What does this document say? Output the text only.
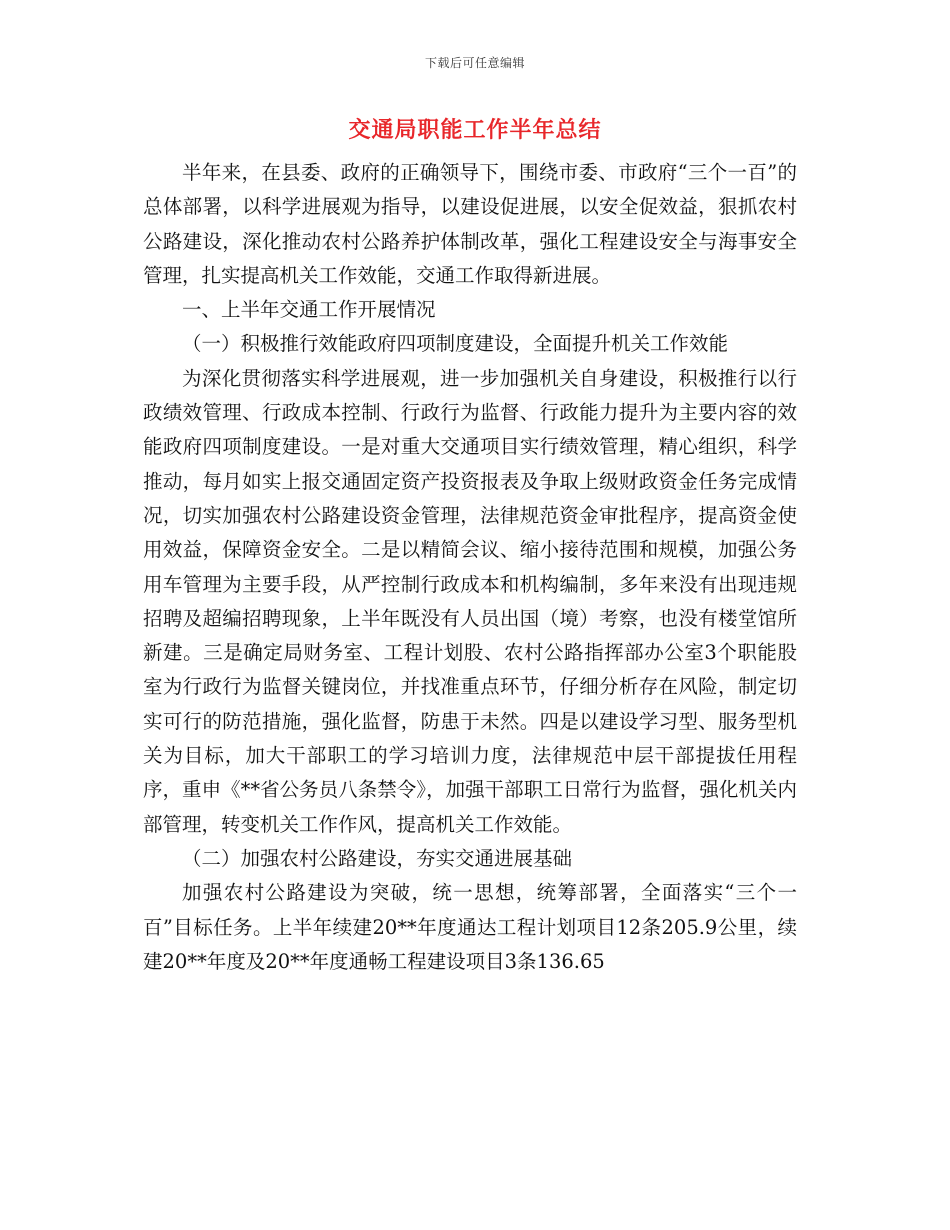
下载后可任意编辑
交通局职能工作半年总结

半年来，在县委、政府的正确领导下，围绕市委、市政府“三个一百”的总体部署，以科学进展观为指导，以建设促进展，以安全促效益，狠抓农村公路建设，深化推动农村公路养护体制改革，强化工程建设安全与海事安全管理，扎实提高机关工作效能，交通工作取得新进展。

一、上半年交通工作开展情况

（一）积极推行效能政府四项制度建设，全面提升机关工作效能

为深化贯彻落实科学进展观，进一步加强机关自身建设，积极推行以行政绩效管理、行政成本控制、行政行为监督、行政能力提升为主要内容的效能政府四项制度建设。一是对重大交通项目实行绩效管理，精心组织，科学推动，每月如实上报交通固定资产投资报表及争取上级财政资金任务完成情况，切实加强农村公路建设资金管理，法律规范资金审批程序，提高资金使用效益，保障资金安全。二是以精简会议、缩小接待范围和规模，加强公务用车管理为主要手段，从严控制行政成本和机构编制，多年来没有出现违规招聘及超编招聘现象，上半年既没有人员出国（境）考察，也没有楼堂馆所新建。三是确定局财务室、工程计划股、农村公路指挥部办公室3个职能股室为行政行为监督关键岗位，并找准重点环节，仔细分析存在风险，制定切实可行的防范措施，强化监督，防患于未然。四是以建设学习型、服务型机关为目标，加大干部职工的学习培训力度，法律规范中层干部提拔任用程序，重申《**省公务员八条禁令》，加强干部职工日常行为监督，强化机关内部管理，转变机关工作作风，提高机关工作效能。

（二）加强农村公路建设，夯实交通进展基础

加强农村公路建设为突破，统一思想，统筹部署，全面落实“三个一百”目标任务。上半年续建20**年度通达工程计划项目12条205.9公里，续建20**年度及20**年度通畅工程建设项目3条136.65
